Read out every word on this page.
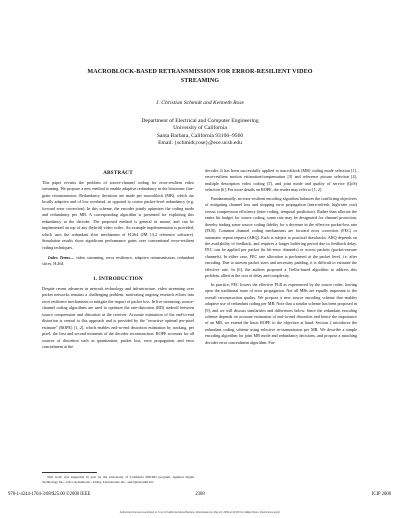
MACROBLOCK-BASED RETRANSMISSION FOR ERROR-RESILIENT VIDEO
STREAMING
J. Christian Schmidt and Kenneth Rose
Department of Electrical and Computer Engineering
University of California
Santa Barbara, California 93106–9560
Email: {schmidt,rose}@ece.ucsb.edu
ABSTRACT
This paper revisits the problem of source-channel coding for error-resilient video streaming. We propose a new method to enable adaptive redundancy in the bitstream: fine-grain retransmission. Redundancy decisions are made per macroblock (MB), which are locally adaptive and of low overhead, as opposed to coarse packet-level redundancy (e.g. forward error correction). In this scheme, the encoder jointly optimizes the coding mode and redundancy per MB. A corresponding algorithm is presented for exploiting this redundancy at the decoder. The proposed method is general in nature, and can be implemented on top of any (hybrid) video codec. An example implementation is provided, which uses the redundant slice mechanism of H.264 (JM 13.2 reference software). Simulation results show significant performance gains over conventional error-resilient coding techniques.
Index Terms— video streaming, error resilience, adaptive retransmission, redundant slices, H.264
1. INTRODUCTION
Despite recent advances in network technology and infrastructure, video streaming over packet networks remains a challenging problem, motivating ongoing research efforts into error resilience mechanisms to mitigate the impact of packet loss. In live streaming, source-channel coding algorithms are used to optimize the rate-distortion (RD) tradeoff between source compression and distortion at the receiver. Accurate estimation of the end-to-end distortion is central to this approach and is provided by the "recursive optimal per-pixel estimate" (ROPE) [1, 2], which enables end-to-end distortion estimation by tracking, per pixel, the first and second moments of the decoder reconstruction. ROPE accounts for all sources of distortion such as quantization, packet loss, error propagation, and error concealment at the
This work was supported in part by the University of California MICRO program, Applied Signal Technology Inc., Cisco Systems Inc., Dolby Laboratories Inc., and Qualcomm Inc.
decoder. It has been successfully applied to macroblock (MB) coding mode selection [1], error-resilient motion estimation/compensation [3] and reference picture selection [4], multiple description video coding [5], and joint mode and quality of service (QoS) selection [6]. For more details on ROPE, the reader may refer to [1, 2].
Fundamentally, an error-resilient encoding algorithm balances the conflicting objectives of mitigating channel loss and stopping error propagation (intra-refresh, high-rate cost) versus compression efficiency (inter-coding, temporal prediction). Rather than allocate the entire bit budget for source coding, some rate may be designated for channel protection, thereby trading some source coding fidelity for a decrease in the effective packet-loss rate (PLR). Common channel coding mechanisms are forward error correction (FEC) or automatic repeat request (ARQ). Each is subject to practical drawbacks: ARQ depends on the availability of feedback, and requires a longer buffering period due to feedback delay. FEC can be applied per packet (in bit-error channels) or across packets (packet-erasure channels). In either case, FEC rate allocation is performed at the packet level, i.e. after encoding. Due to uneven packet sizes and necessary padding, it is difficult to estimate the effective rate. In [6], the authors proposed a Trellis-based algorithm to address this problem, albeit at the cost of delay and complexity.
In practice, FEC lowers the effective PLR as experienced by the source coder, leaving open the traditional issue of error propagation. Not all MBs are equally important to the overall reconstruction quality. We propose a new source encoding scheme that enables adaptive use of redundant coding per MB. Note that a similar scheme has been proposed in [9], and we will discuss similarities and differences below. Since the redundant encoding scheme depends on accurate estimation of end-to-end distortion and hence the importance of an MB, we extend the basic ROPE to the objective at hand. Section 2 introduces the redundant coding scheme using selective re-transmission per MB. We describe a simple encoding algorithm for joint MB mode and redundancy decisions, and propose a matching decoder error concealment algorithm. Fur-
978-1-4244-1764-3/08/$25.00 ©2008 IEEE	2308	ICIP 2008
Authorized licensed use limited to: Univ of California-Santa Barbara. Downloaded on May 24, 2009 at 16:09 from IEEE Xplore. Restrictions apply.
